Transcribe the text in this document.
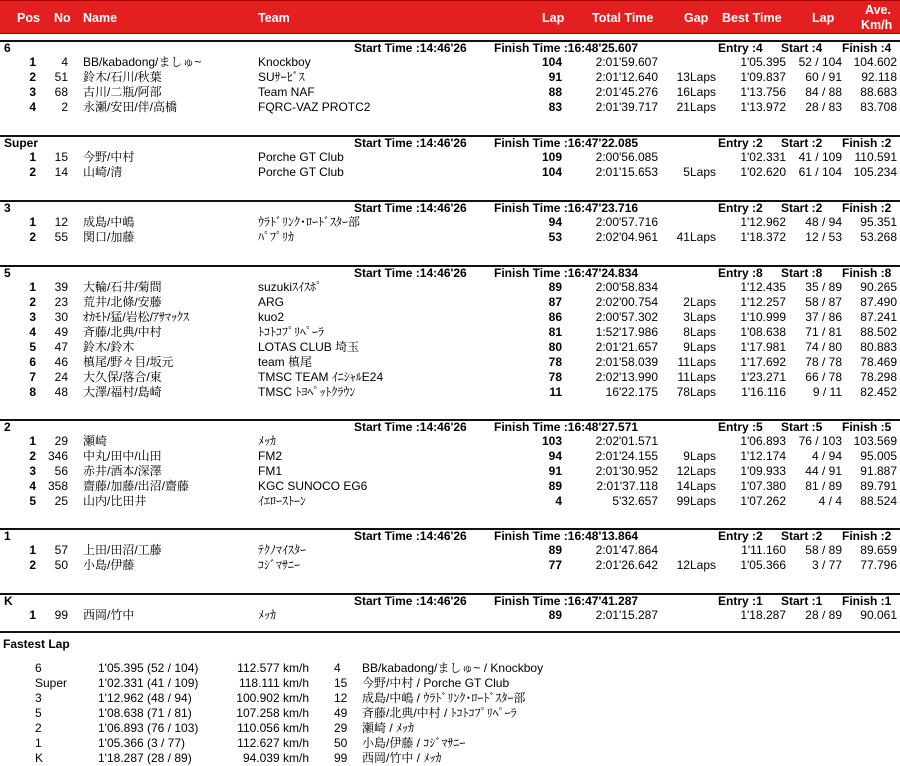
Pos No Name	Team	Lap Total Time Gap Best Time Lap
Ave.
Km/h
6	Start Time :14:46'26 Finish Time :16:48'25.607	Entry :4 Start :4 Finish :4
1	4 BB/kabadong/ましゅ~	Knockboy	104	2:01'59.607	1'05.395	52 / 104 104.602
2	51 鈴木/石川/秋葉	SUｻｰﾋﾞｽ	91	2:01'12.640	13Laps	1'09.837	60 / 91	92.118
3	68 古川/二瓶/阿部	Team NAF	88	2:01'45.276	16Laps	1'13.756	84 / 88	88.683
4	2 永瀬/安田/伴/高橋	FQRC-VAZ PROTC2	83	2:01'39.717	21Laps	1'13.972	28 / 83	83.708
Super	Start Time :14:46'26 Finish Time :16:47'22.085	Entry :2 Start :2 Finish :2
1	15 今野/中村	Porche GT Club	109	2:00'56.085	1'02.331	41 / 109	110.591
2	14 山崎/清	Porche GT Club	104	2:01'15.653	5Laps	1'02.620	61 / 104 105.234
3	Start Time :14:46'26 Finish Time :16:47'23.716	Entry :2 Start :2 Finish :2
1	12 成島/中嶋	ｳﾗﾄﾞﾘﾝｸ･ﾛｰﾄﾞｽﾀｰ部	94	2:00'57.716	1'12.962	48 / 94	95.351
2	55 関口/加藤	ﾊﾟﾌﾟﾘｶ	53	2:02'04.961	41Laps	1'18.372	12 / 53	53.268
5	Start Time :14:46'26 Finish Time :16:47'24.834	Entry :8 Start :8 Finish :8
1	39 大輪/石井/菊間	suzukiｽｲｽﾎﾟ	89	2:00'58.834	1'12.435	35 / 89	90.265
2	23 荒井/北條/安藤	ARG	87	2:02'00.754	2Laps	1'12.257	58 / 87	87.490
3	30 ｵｶﾓﾄ/猛/岩松/ｱｻﾏｯｸｽ	kuo2	86	2:00'57.302	3Laps	1'10.999	37 / 86	87.241
4	49 斉藤/北典/中村	ﾄｺﾄｺﾌﾟﾘﾍﾟｰﾗ	81	1:52'17.986	8Laps	1'08.638	71 / 81	88.502
5	47 鈴木/鈴木	LOTAS CLUB 埼玉	80	2:01'21.657	9Laps	1'17.981	74 / 80	80.883
6	46 槙尾/野々目/坂元	team 槙尾	78	2:01'58.039	11Laps	1'17.692	78 / 78	78.469
7	24 大久保/落合/東	TMSC TEAM ｲﾆｼｬﾙE24	78	2:02'13.990	11Laps	1'23.271	66 / 78	78.298
8	48 大澤/福村/島崎	TMSC ﾄﾖﾍﾟｯﾄｸﾗｳﾝ	11	16'22.175	78Laps	1'16.116	9 / 11	82.452
2	Start Time :14:46'26 Finish Time :16:48'27.571	Entry :5 Start :5 Finish :5
1	29 瀬崎	ﾒｯｶ	103	2:02'01.571	1'06.893	76 / 103 103.569
2 346 中丸/田中/山田	FM2	94	2:01'24.155	9Laps	1'12.174	4 / 94	95.005
3	56 赤井/酒本/深澤	FM1	91	2:01'30.952	12Laps	1'09.933	44 / 91	91.887
4 358 齋藤/加藤/出沼/齋藤	KGC SUNOCO EG6	89	2:01'37.118	14Laps	1'07.380	81 / 89	89.791
5	25 山内/比田井	ｲｴﾛｰｽﾄｰﾝ	4	5'32.657	99Laps	1'07.262	4 / 4	88.524
1	Start Time :14:46'26 Finish Time :16:48'13.864	Entry :2 Start :2 Finish :2
1	57 上田/田沼/工藤	ﾃｸﾉﾏｲｽﾀｰ	89	2:01'47.864	1'11.160	58 / 89	89.659
2	50 小島/伊藤	ｺｼﾞﾏｻﾆｰ	77	2:01'26.642	12Laps	1'05.366	3 / 77	77.796
K	Start Time :14:46'26 Finish Time :16:47'41.287	Entry :1 Start :1 Finish :1
1	99 西岡/竹中	ﾒｯｶ	89	2:01'15.287	1'18.287	28 / 89	90.061
Fastest Lap
6	1'05.395 (52 / 104)	112.577 km/h 4	BB/kabadong/ましゅ~ / Knockboy
Super	1'02.331 (41 / 109)	118.111 km/h 15	今野/中村 / Porche GT Club
3	1'12.962 (48 / 94)	100.902 km/h 12	成島/中嶋 / ｳﾗﾄﾞﾘﾝｸ･ﾛｰﾄﾞｽﾀｰ部
5	1'08.638 (71 / 81)	107.258 km/h 49	斉藤/北典/中村 / ﾄｺﾄｺﾌﾟﾘﾍﾟｰﾗ
2	1'06.893 (76 / 103)	110.056 km/h 29	瀬崎 / ﾒｯｶ
1	1'05.366 (3 / 77)	112.627 km/h 50	小島/伊藤 / ｺｼﾞﾏｻﾆｰ
K	1'18.287 (28 / 89)	94.039 km/h 99	西岡/竹中 / ﾒｯｶ
